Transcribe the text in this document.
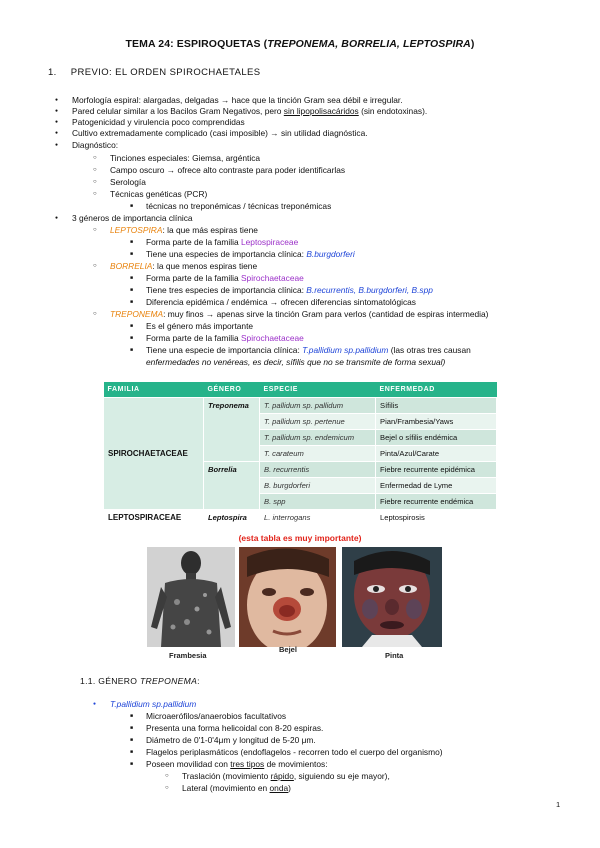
TEMA 24: ESPIROQUETAS (TREPONEMA, BORRELIA, LEPTOSPIRA)
1. PREVIO: EL ORDEN SPIROCHAETALES
● Morfología espiral: alargadas, delgadas → hace que la tinción Gram sea débil e irregular.
● Pared celular similar a los Bacilos Gram Negativos, pero sin lipopolisacáridos (sin endotoxinas).
● Patogenicidad y virulencia poco comprendidas
● Cultivo extremadamente complicado (casi imposible) → sin utilidad diagnóstica.
● Diagnóstico:
○ Tinciones especiales: Giemsa, argéntica
○ Campo oscuro → ofrece alto contraste para poder identificarlas
○ Serología
○ Técnicas genéticas (PCR)
■ técnicas no treponémicas / técnicas treponémicas
● 3 géneros de importancia clínica
○ LEPTOSPIRA: la que más espiras tiene
■ Forma parte de la familia Leptospiraceae
■ Tiene una especies de importancia clínica: B.burgdorferi
○ BORRELIA: la que menos espiras tiene
■ Forma parte de la familia Spirochaetaceae
■ Tiene tres especies de importancia clínica: B.recurrentis, B.burgdorferi, B.spp
■ Diferencia epidémica / endémica → ofrecen diferencias sintomatológicas
○ TREPONEMA: muy finos → apenas sirve la tinción Gram para verlos (cantidad de espiras intermedia)
■ Es el género más importante
■ Forma parte de la familia Spirochaetaceae
■ Tiene una especie de importancia clínica: T.pallidium sp.pallidium (las otras tres causan
enfermedades no venéreas, es decir, sífilis que no se transmite de forma sexual)
FAMILIA	GÉNERO	ESPECIE	ENFERMEDAD
SPIROCHAETACEAE	Treponema	T. pallidum sp. pallidum	Sífilis
		T. pallidum sp. pertenue	Pian/Frambesia/Yaws
		T. pallidum sp. endemicum	Bejel o sífilis endémica
		T. carateum	Pinta/Azul/Carate
	Borrelia	B. recurrentis	Fiebre recurrente epidémica
		B. burgdorferi	Enfermedad de Lyme
		B. spp	Fiebre recurrente endémica
LEPTOSPIRACEAE	Leptospira	L. interrogans	Leptospirosis
(esta tabla es muy importante)
Frambesia
Bejel
Pinta
1.1. GÉNERO TREPONEMA:
● T.pallidium sp.pallidium
■ Microaerófilos/anaerobios facultativos
■ Presenta una forma helicoidal con 8-20 espiras.
■ Diámetro de 0'1-0'4μm y longitud de 5-20 μm.
■ Flagelos periplasmáticos (endoflagelos - recorren todo el cuerpo del organismo)
■ Poseen movilidad con tres tipos de movimientos:
○ Traslación (movimiento rápido, siguiendo su eje mayor),
○ Lateral (movimiento en onda)
1
